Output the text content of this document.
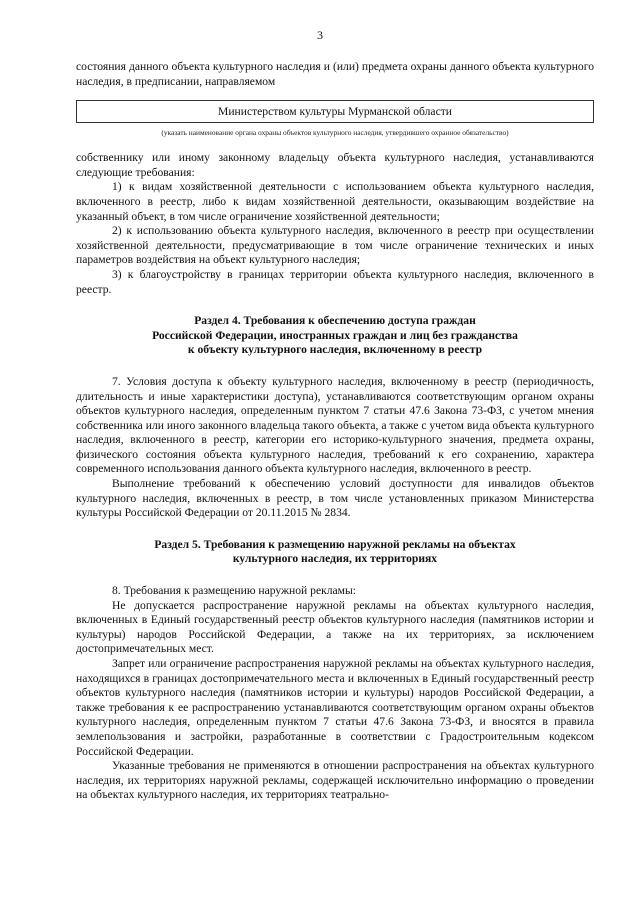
3

состояния данного объекта культурного наследия и (или) предмета охраны данного объекта культурного наследия, в предписании, направляемом

Министерством культуры Мурманской области
(указать наименование органа охраны объектов культурного наследия, утвердившего охранное обязательство)

собственнику или иному законному владельцу объекта культурного наследия, устанавливаются следующие требования:

1) к видам хозяйственной деятельности с использованием объекта культурного наследия, включенного в реестр, либо к видам хозяйственной деятельности, оказывающим воздействие на указанный объект, в том числе ограничение хозяйственной деятельности;

2) к использованию объекта культурного наследия, включенного в реестр при осуществлении хозяйственной деятельности, предусматривающие в том числе ограничение технических и иных параметров воздействия на объект культурного наследия;

3) к благоустройству в границах территории объекта культурного наследия, включенного в реестр.

Раздел 4. Требования к обеспечению доступа граждан
Российской Федерации, иностранных граждан и лиц без гражданства
к объекту культурного наследия, включенному в реестр

7. Условия доступа к объекту культурного наследия, включенному в реестр (периодичность, длительность и иные характеристики доступа), устанавливаются соответствующим органом охраны объектов культурного наследия, определенным пунктом 7 статьи 47.6 Закона 73-ФЗ, с учетом мнения собственника или иного законного владельца такого объекта, а также с учетом вида объекта культурного наследия, включенного в реестр, категории его историко-культурного значения, предмета охраны, физического состояния объекта культурного наследия, требований к его сохранению, характера современного использования данного объекта культурного наследия, включенного в реестр.

Выполнение требований к обеспечению условий доступности для инвалидов объектов культурного наследия, включенных в реестр, в том числе установленных приказом Министерства культуры Российской Федерации от 20.11.2015 № 2834.

Раздел 5. Требования к размещению наружной рекламы на объектах
культурного наследия, их территориях

8. Требования к размещению наружной рекламы:

Не допускается распространение наружной рекламы на объектах культурного наследия, включенных в Единый государственный реестр объектов культурного наследия (памятников истории и культуры) народов Российской Федерации, а также на их территориях, за исключением достопримечательных мест.

Запрет или ограничение распространения наружной рекламы на объектах культурного наследия, находящихся в границах достопримечательного места и включенных в Единый государственный реестр объектов культурного наследия (памятников истории и культуры) народов Российской Федерации, а также требования к ее распространению устанавливаются соответствующим органом охраны объектов культурного наследия, определенным пунктом 7 статьи 47.6 Закона 73-ФЗ, и вносятся в правила землепользования и застройки, разработанные в соответствии с Градостроительным кодексом Российской Федерации.

Указанные требования не применяются в отношении распространения на объектах культурного наследия, их территориях наружной рекламы, содержащей исключительно информацию о проведении на объектах культурного наследия, их территориях театрально-
